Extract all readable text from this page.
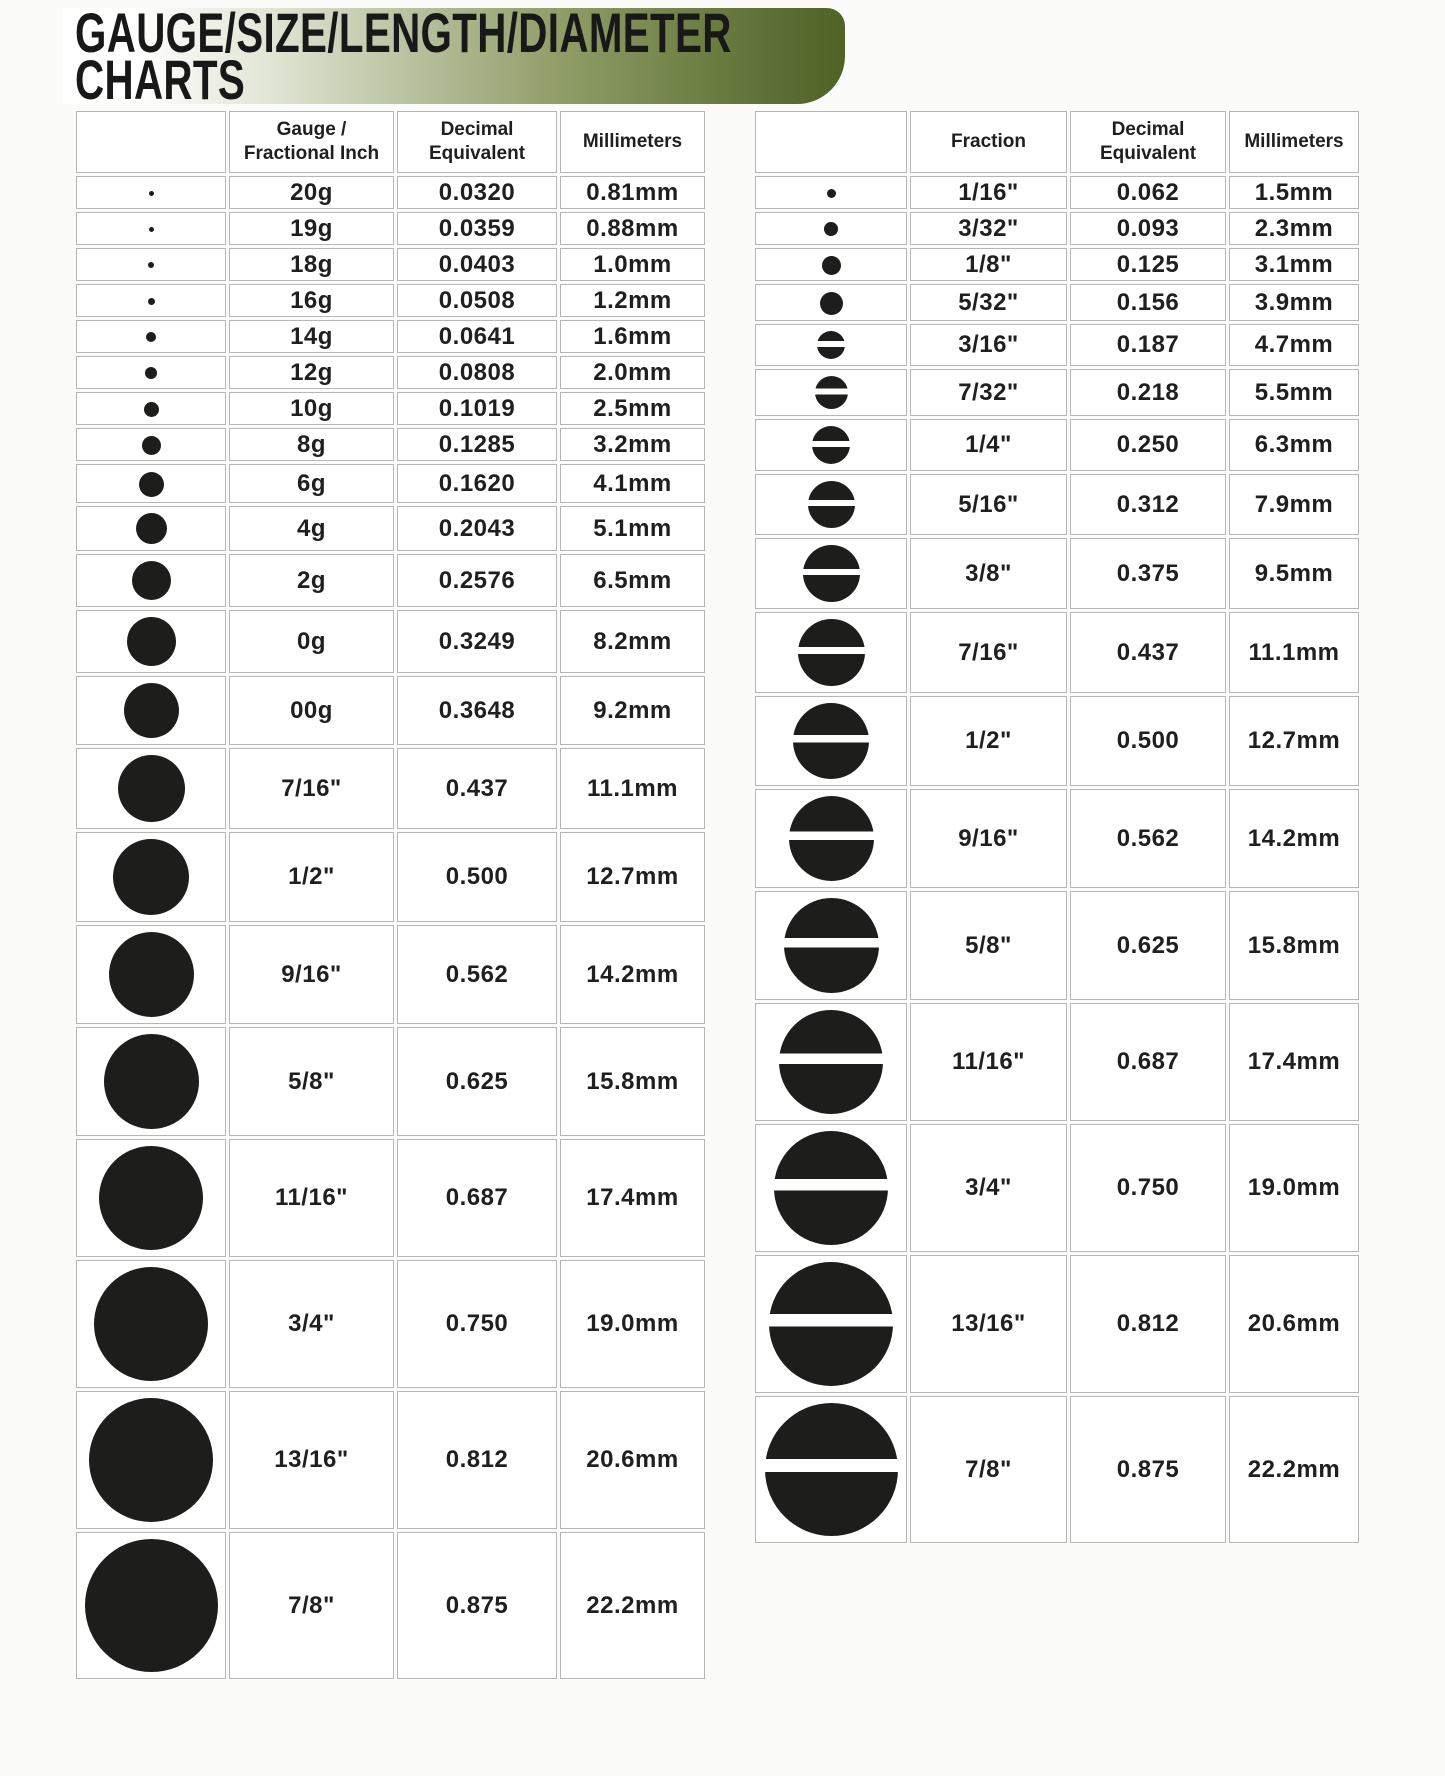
GAUGE/SIZE/LENGTH/DIAMETER
CHARTS
	Gauge / Fractional Inch	Decimal Equivalent	Millimeters
	20g	0.0320	0.81mm
	19g	0.0359	0.88mm
	18g	0.0403	1.0mm
	16g	0.0508	1.2mm
	14g	0.0641	1.6mm
	12g	0.0808	2.0mm
	10g	0.1019	2.5mm
	8g	0.1285	3.2mm
	6g	0.1620	4.1mm
	4g	0.2043	5.1mm
	2g	0.2576	6.5mm
	0g	0.3249	8.2mm
	00g	0.3648	9.2mm
	7/16"	0.437	11.1mm
	1/2"	0.500	12.7mm
	9/16"	0.562	14.2mm
	5/8"	0.625	15.8mm
	11/16"	0.687	17.4mm
	3/4"	0.750	19.0mm
	13/16"	0.812	20.6mm
	7/8"	0.875	22.2mm
	Fraction	Decimal Equivalent	Millimeters
	1/16"	0.062	1.5mm
	3/32"	0.093	2.3mm
	1/8"	0.125	3.1mm
	5/32"	0.156	3.9mm
	3/16"	0.187	4.7mm
	7/32"	0.218	5.5mm
	1/4"	0.250	6.3mm
	5/16"	0.312	7.9mm
	3/8"	0.375	9.5mm
	7/16"	0.437	11.1mm
	1/2"	0.500	12.7mm
	9/16"	0.562	14.2mm
	5/8"	0.625	15.8mm
	11/16"	0.687	17.4mm
	3/4"	0.750	19.0mm
	13/16"	0.812	20.6mm
	7/8"	0.875	22.2mm
